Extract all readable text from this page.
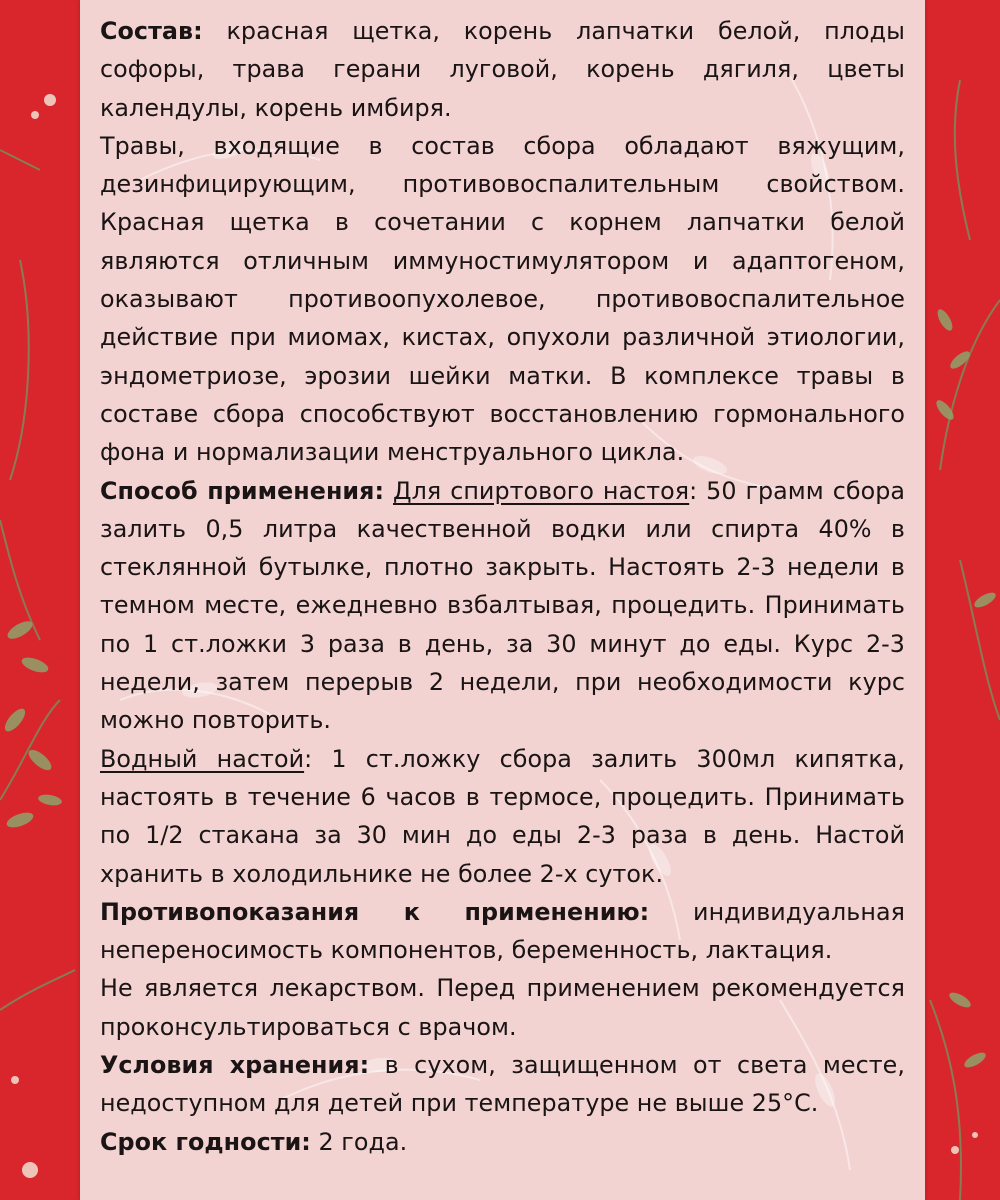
Состав: красная щетка, корень лапчатки белой, плоды софоры, трава герани луговой, корень дягиля, цветы календулы, корень имбиря.

Травы, входящие в состав сбора обладают вяжущим, дезинфицирующим, противовоспалительным свойством. Красная щетка в сочетании с корнем лапчатки белой являются отличным иммуностимулятором и адаптогеном, оказывают противоопухолевое, противовоспалительное действие при миомах, кистах, опухоли различной этиологии, эндометриозе, эрозии шейки матки. В комплексе травы в составе сбора способствуют восстановлению гормонального фона и нормализации менструального цикла.

Способ применения: Для спиртового настоя: 50 грамм сбора залить 0,5 литра качественной водки или спирта 40% в стеклянной бутылке, плотно закрыть. Настоять 2-3 недели в темном месте, ежедневно взбалтывая, процедить. Принимать по 1 ст.ложки 3 раза в день, за 30 минут до еды. Курс 2-3 недели, затем перерыв 2 недели, при необходимости курс можно повторить.

Водный настой: 1 ст.ложку сбора залить 300мл кипятка, настоять в течение 6 часов в термосе, процедить. Принимать по 1/2 стакана за 30 мин до еды 2-3 раза в день. Настой хранить в холодильнике не более 2-х суток.

Противопоказания к применению: индивидуальная непереносимость компонентов, беременность, лактация.

Не является лекарством. Перед применением рекомендуется проконсультироваться с врачом.

Условия хранения: в сухом, защищенном от света месте, недоступном для детей при температуре не выше 25°С.

Срок годности: 2 года.
